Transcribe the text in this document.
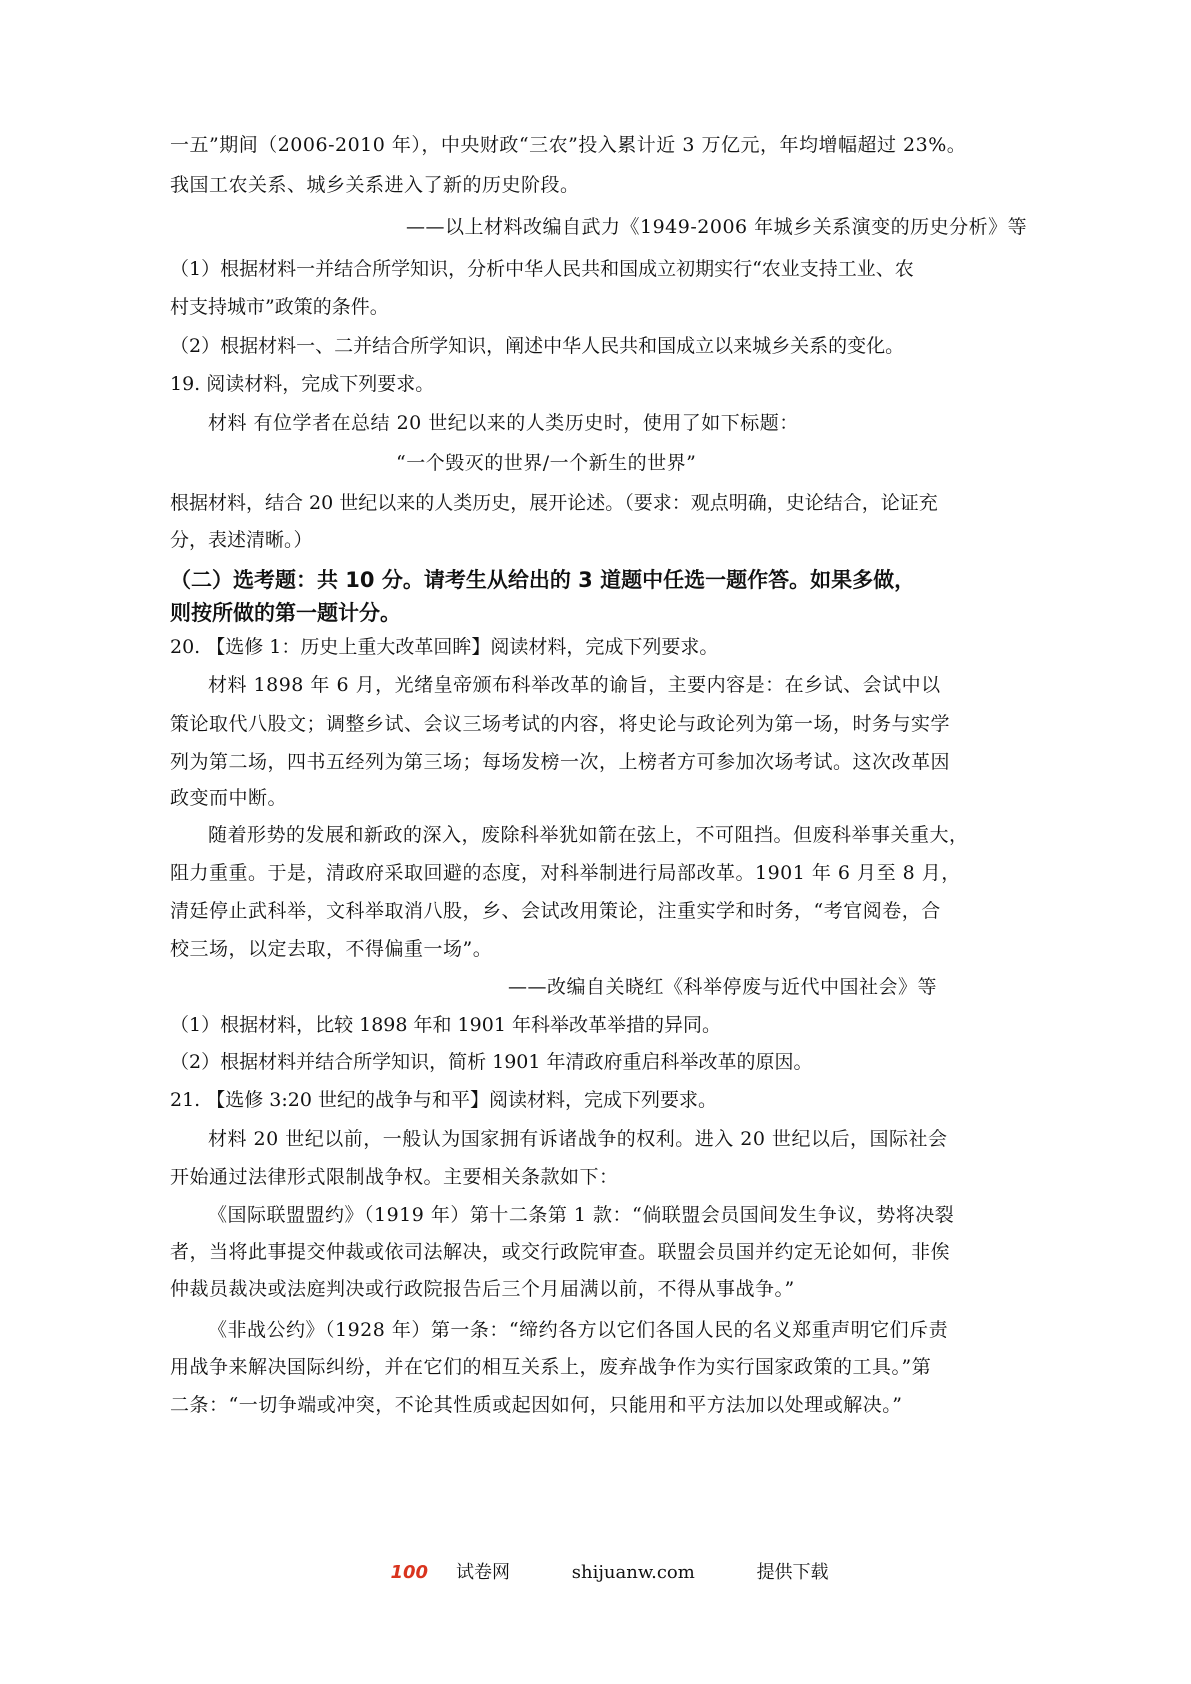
一五”期间（2006-2010 年），中央财政“三农”投入累计近 3 万亿元，年均增幅超过 23%。
我国工农关系、城乡关系进入了新的历史阶段。
——以上材料改编自武力《1949-2006 年城乡关系演变的历史分析》等
（1）根据材料一并结合所学知识，分析中华人民共和国成立初期实行“农业支持工业、农
村支持城市”政策的条件。
（2）根据材料一、二并结合所学知识，阐述中华人民共和国成立以来城乡关系的变化。
19. 阅读材料，完成下列要求。
材料 有位学者在总结 20 世纪以来的人类历史时，使用了如下标题：
“一个毁灭的世界/一个新生的世界”
根据材料，结合 20 世纪以来的人类历史，展开论述。（要求：观点明确，史论结合，论证充
分，表述清晰。）
（二）选考题：共 10 分。请考生从给出的 3 道题中任选一题作答。如果多做，
则按所做的第一题计分。
20. 【选修 1：历史上重大改革回眸】阅读材料，完成下列要求。
材料 1898 年 6 月，光绪皇帝颁布科举改革的谕旨，主要内容是：在乡试、会试中以
策论取代八股文；调整乡试、会议三场考试的内容，将史论与政论列为第一场，时务与实学
列为第二场，四书五经列为第三场；每场发榜一次，上榜者方可参加次场考试。这次改革因
政变而中断。
随着形势的发展和新政的深入，废除科举犹如箭在弦上，不可阻挡。但废科举事关重大，
阻力重重。于是，清政府采取回避的态度，对科举制进行局部改革。1901 年 6 月至 8 月，
清廷停止武科举，文科举取消八股，乡、会试改用策论，注重实学和时务，“考官阅卷，合
校三场，以定去取，不得偏重一场”。
——改编自关晓红《科举停废与近代中国社会》等
（1）根据材料，比较 1898 年和 1901 年科举改革举措的异同。
（2）根据材料并结合所学知识，简析 1901 年清政府重启科举改革的原因。
21. 【选修 3:20 世纪的战争与和平】阅读材料，完成下列要求。
材料 20 世纪以前，一般认为国家拥有诉诸战争的权利。进入 20 世纪以后，国际社会
开始通过法律形式限制战争权。主要相关条款如下：
《国际联盟盟约》（1919 年）第十二条第 1 款：“倘联盟会员国间发生争议，势将决裂
者，当将此事提交仲裁或依司法解决，或交行政院审查。联盟会员国并约定无论如何，非俟
仲裁员裁决或法庭判决或行政院报告后三个月届满以前，不得从事战争。”
《非战公约》（1928 年）第一条：“缔约各方以它们各国人民的名义郑重声明它们斥责
用战争来解决国际纠纷，并在它们的相互关系上，废弃战争作为实行国家政策的工具。”第
二条：“一切争端或冲突，不论其性质或起因如何，只能用和平方法加以处理或解决。”
100 试卷网	shijuanw.com	提供下载
